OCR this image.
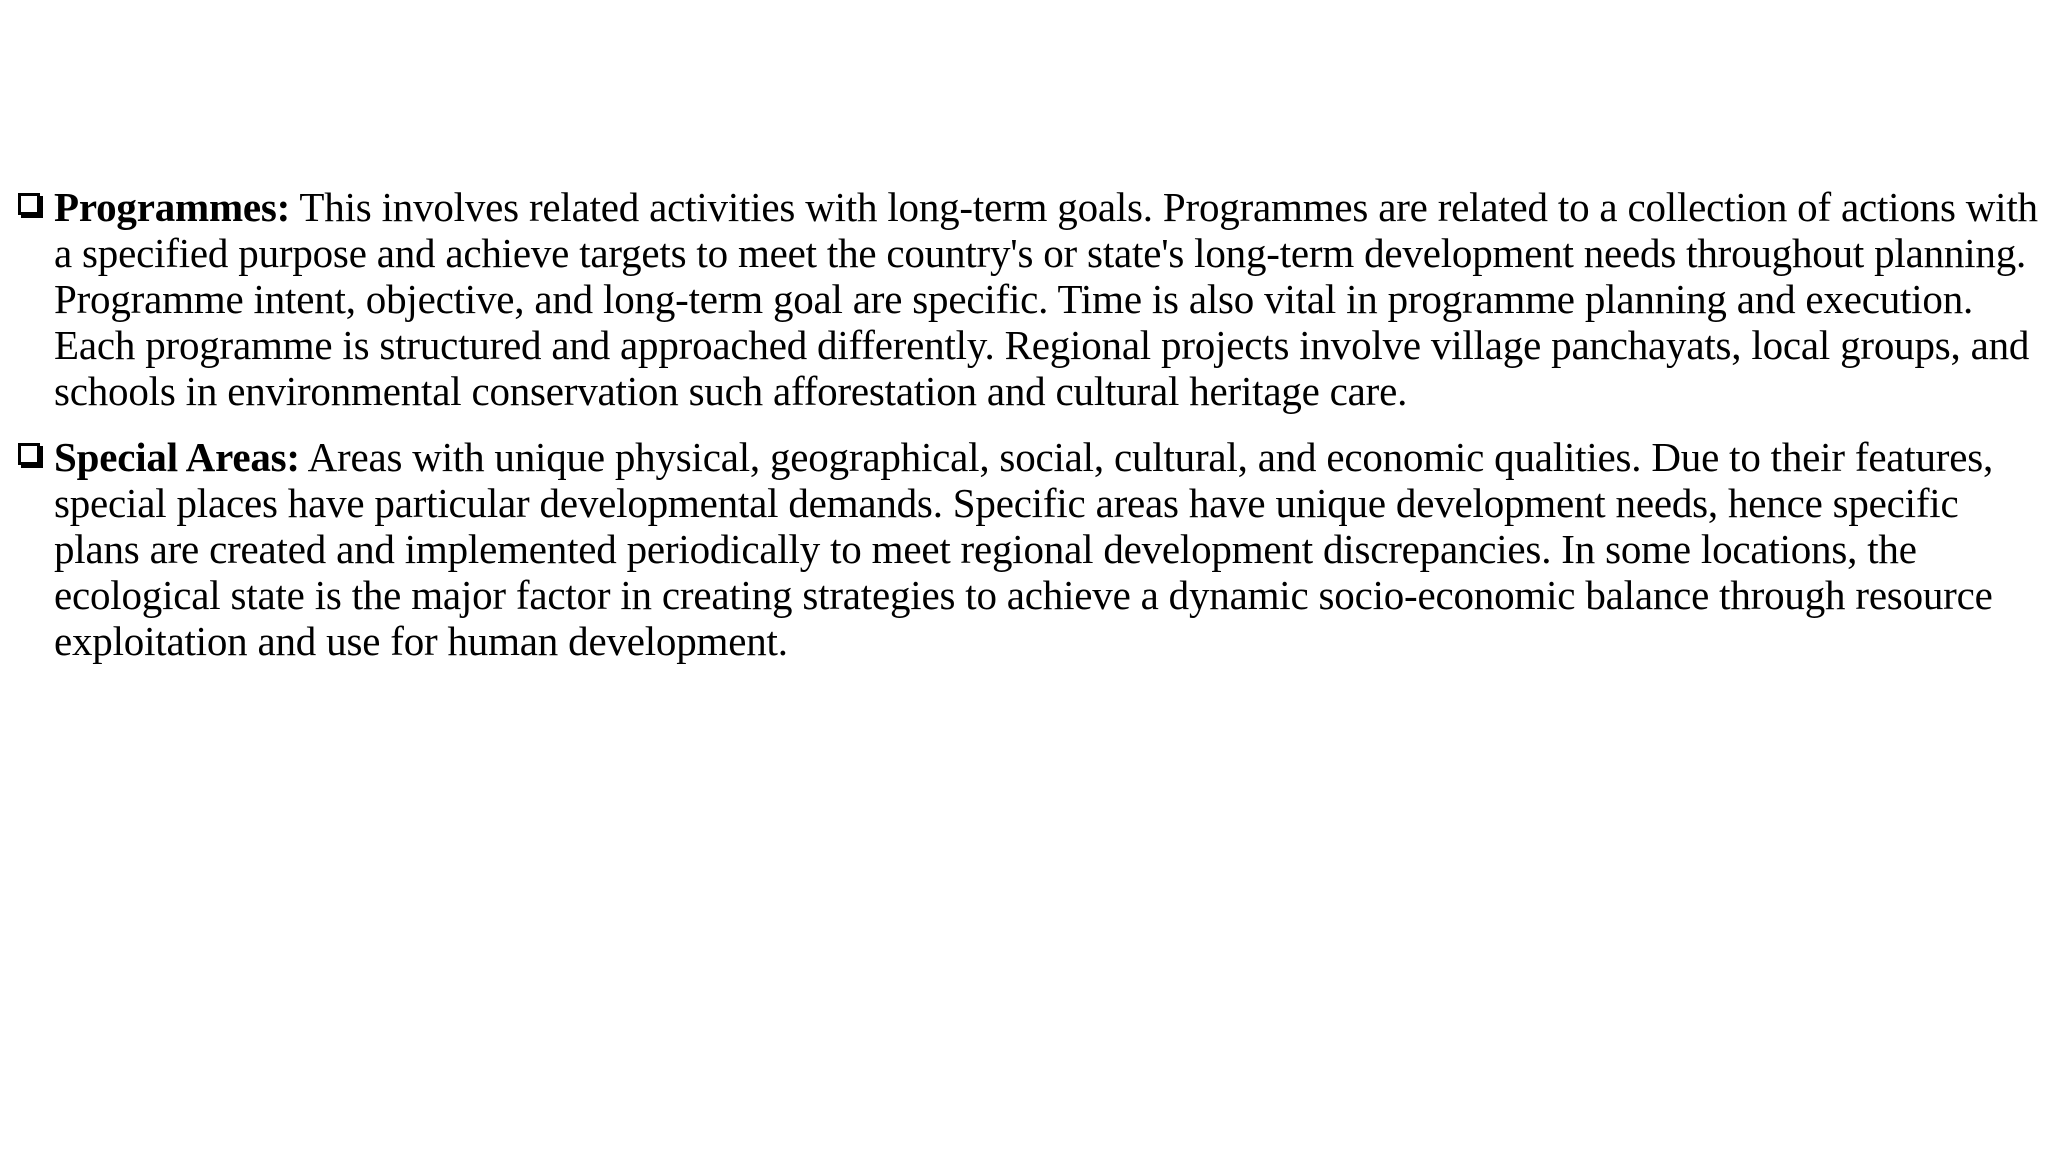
Programmes: This involves related activities with long-term goals. Programmes are related to a collection of actions with a specified purpose and achieve targets to meet the country's or state's long-term development needs throughout planning. Programme intent, objective, and long-term goal are specific. Time is also vital in programme planning and execution. Each programme is structured and approached differently. Regional projects involve village panchayats, local groups, and schools in environmental conservation such afforestation and cultural heritage care.
Special Areas: Areas with unique physical, geographical, social, cultural, and economic qualities. Due to their features, special places have particular developmental demands. Specific areas have unique development needs, hence specific plans are created and implemented periodically to meet regional development discrepancies. In some locations, the ecological state is the major factor in creating strategies to achieve a dynamic socio-economic balance through resource exploitation and use for human development.
